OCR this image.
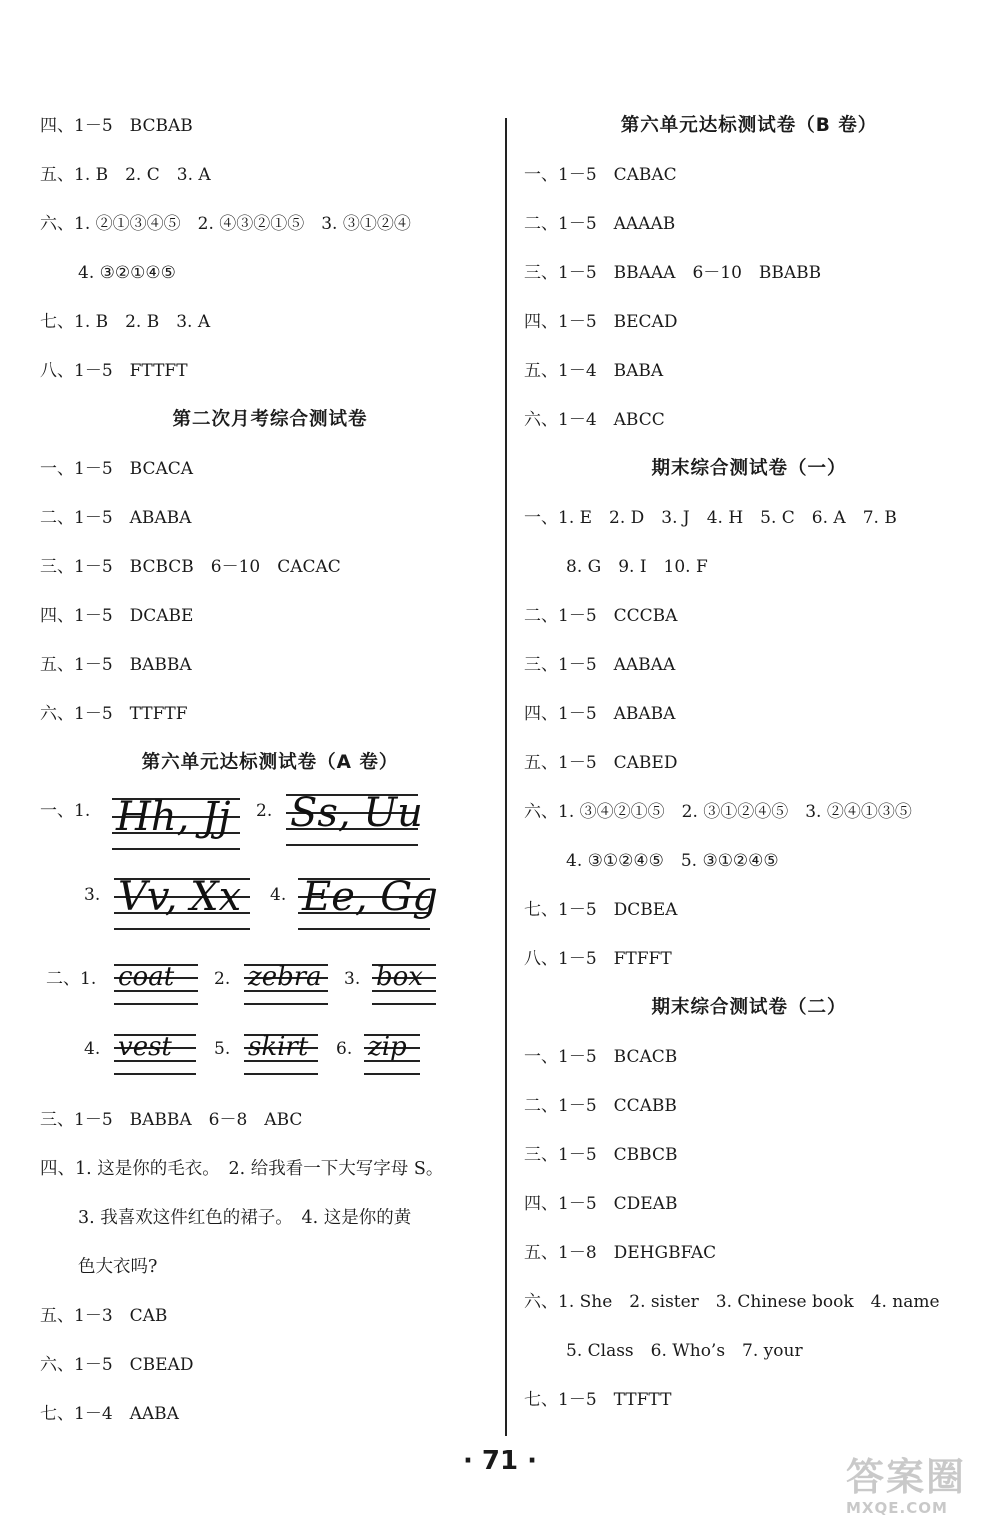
四、1－5　BCBAB
五、1. B　2. C　3. A
六、1. ②①③④⑤　2. ④③②①⑤　3. ③①②④
4. ③②①④⑤
七、1. B　2. B　3. A
八、1－5　FTTFT
第二次月考综合测试卷
一、1－5　BCACA
二、1－5　ABABA
三、1－5　BCBCB　6－10　CACAC
四、1－5　DCABE
五、1－5　BABBA
六、1－5　TTFTF
第六单元达标测试卷（A 卷）
一、1. Hh, Jj 2. Ss, Uu
3. Vv, Xx 4. Ee, Gg
二、1. coat 2. zebra 3. box
4. vest 5. skirt 6. zip
三、1－5　BABBA　6－8　ABC
四、1. 这是你的毛衣。　2. 给我看一下大写字母 S。
3. 我喜欢这件红色的裙子。　4. 这是你的黄
色大衣吗?
五、1－3　CAB
六、1－5　CBEAD
七、1－4　AABA
第六单元达标测试卷（B 卷）
一、1－5　CABAC
二、1－5　AAAAB
三、1－5　BBAAA　6－10　BBABB
四、1－5　BECAD
五、1－4　BABA
六、1－4　ABCC
期末综合测试卷（一）
一、1. E　2. D　3. J　4. H　5. C　6. A　7. B
8. G　9. I　10. F
二、1－5　CCCBA
三、1－5　AABAA
四、1－5　ABABA
五、1－5　CABED
六、1. ③④②①⑤　2. ③①②④⑤　3. ②④①③⑤
4. ③①②④⑤　5. ③①②④⑤
七、1－5　DCBEA
八、1－5　FTFFT
期末综合测试卷（二）
一、1－5　BCACB
二、1－5　CCABB
三、1－5　CBBCB
四、1－5　CDEAB
五、1－8　DEHGBFAC
六、1. She　2. sister　3. Chinese book　4. name
5. Class　6. Who’s　7. your
七、1－5　TTFTT
· 71 ·	答案圈
MXQE.COM
